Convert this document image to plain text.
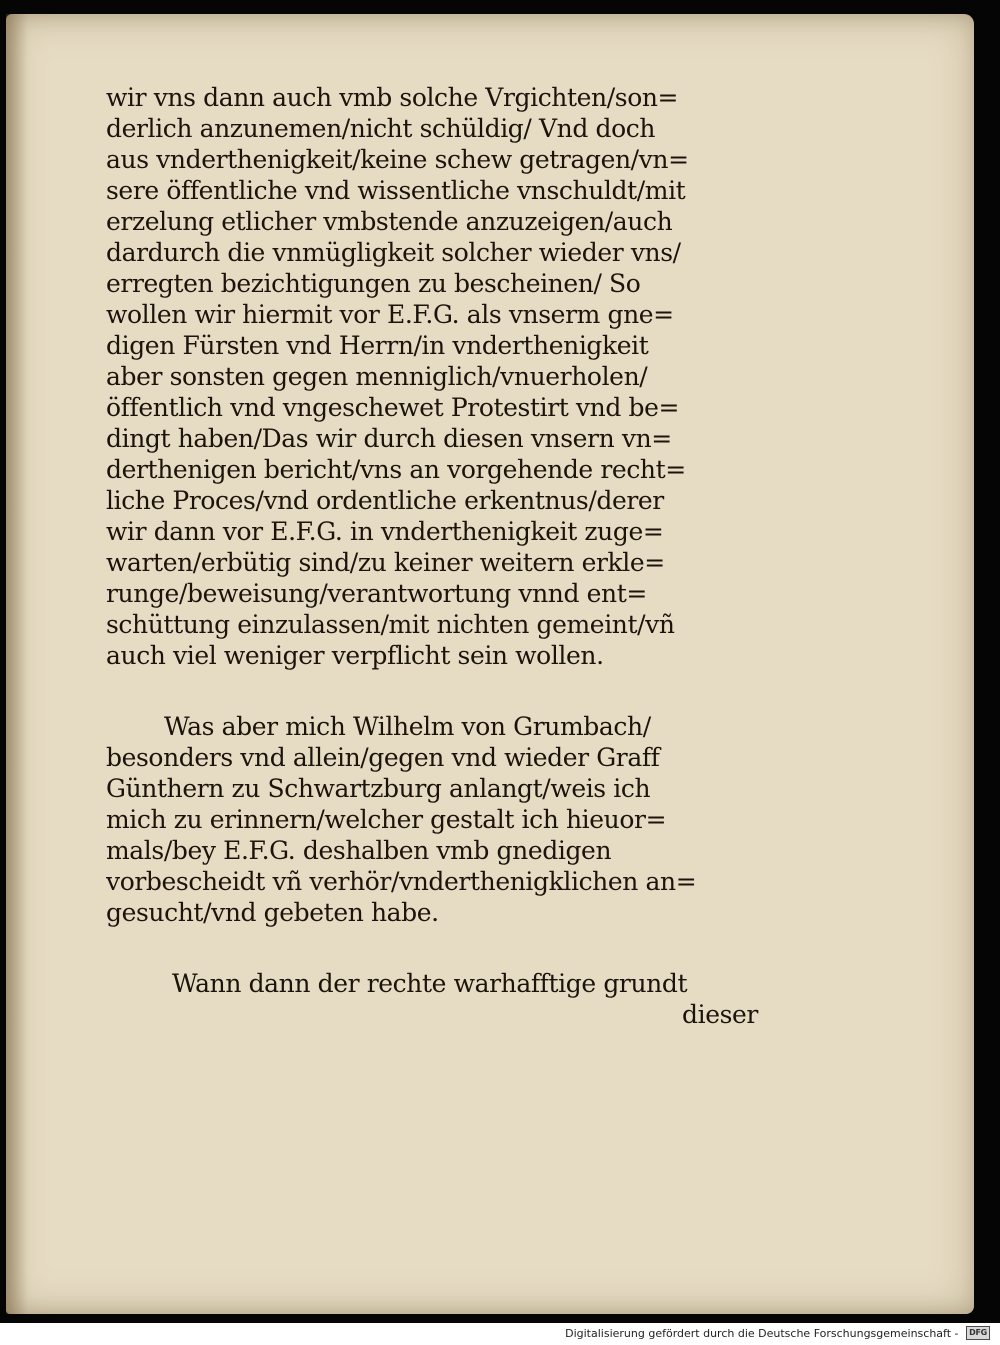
wir vns dann auch vmb solche Vrgichten/son=
derlich anzunemen/nicht schüldig/ Vnd doch
aus vnderthenigkeit/keine schew getragen/vn=
sere öffentliche vnd wissentliche vnschuldt/mit
erzelung etlicher vmbstende anzuzeigen/auch
dardurch die vnmügligkeit solcher wieder vns/
erregten bezichtigungen zu bescheinen/ So
wollen wir hiermit vor E.F.G. als vnserm gne=
digen Fürsten vnd Herrn/in vnderthenigkeit
aber sonsten gegen menniglich/vnuerholen/
öffentlich vnd vngeschewet Protestirt vnd be=
dingt haben/Das wir durch diesen vnsern vn=
derthenigen bericht/vns an vorgehende recht=
liche Proces/vnd ordentliche erkentnus/derer
wir dann vor E.F.G. in vnderthenigkeit zuge=
warten/erbütig sind/zu keiner weitern erkle=
runge/beweisung/verantwortung vnnd ent=
schüttung einzulassen/mit nichten gemeint/vñ
auch viel weniger verpflicht sein wollen.
Was aber mich Wilhelm von Grumbach/
besonders vnd allein/gegen vnd wieder Graff
Günthern zu Schwartzburg anlangt/weis ich
mich zu erinnern/welcher gestalt ich hieuor=
mals/bey E.F.G. deshalben vmb gnedigen
vorbescheidt vñ verhör/vnderthenigklichen an=
gesucht/vnd gebeten habe.
Wann dann der rechte warhafftige grundt
dieser
Digitalisierung gefördert durch die Deutsche Forschungsgemeinschaft - DFG
